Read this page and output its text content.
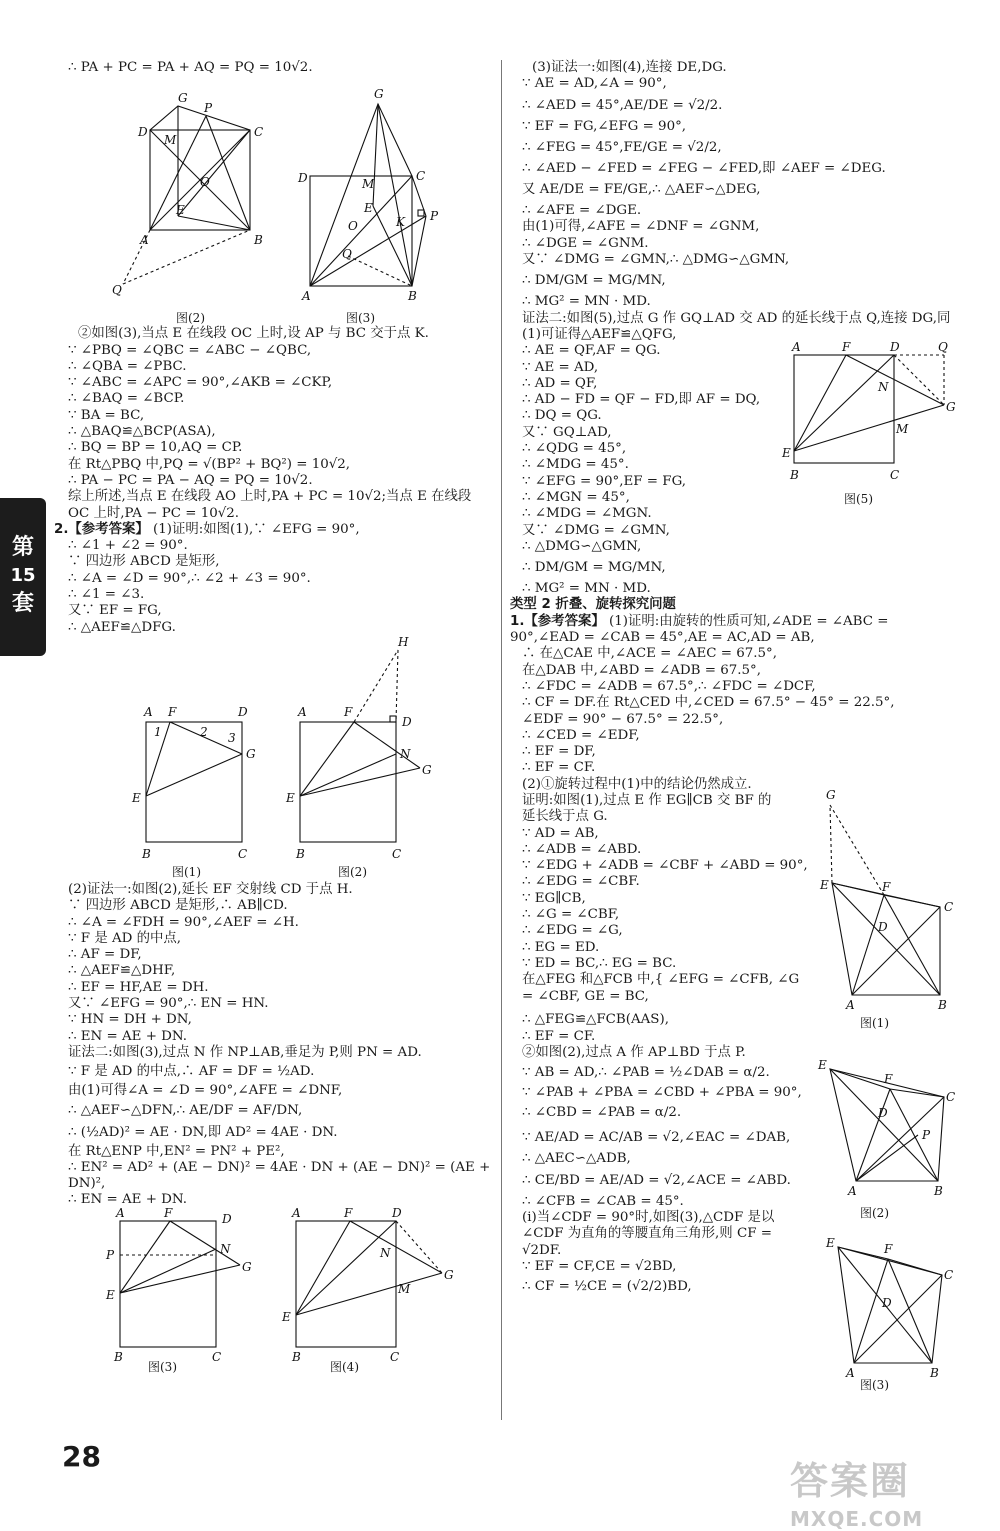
∴ PA + PC = PA + AQ = PQ = 10√2.
G
P
D	C
M
O
E
A	B
Q
G
D	C
M
E
O	K P
Q
A	B
图(2)	图(3)
②如图(3),当点 E 在线段 OC 上时,设 AP 与 BC 交于点 K.
∵ ∠PBQ = ∠QBC = ∠ABC − ∠QBC,
∴ ∠QBA = ∠PBC.
∵ ∠ABC = ∠APC = 90°,∠AKB = ∠CKP,
∴ ∠BAQ = ∠BCP.
∵ BA = BC,
∴ △BAQ≌△BCP(ASA),
∴ BQ = BP = 10,AQ = CP.
在 Rt△PBQ 中,PQ = √(BP² + BQ²) = 10√2,
∴ PA − PC = PA − AQ = PQ = 10√2.
综上所述,当点 E 在线段 AO 上时,PA + PC = 10√2;当点 E 在线段 OC 上时,PA − PC = 10√2.
2.【参考答案】 (1)证明:如图(1),∵ ∠EFG = 90°,
∴ ∠1 + ∠2 = 90°.
∵ 四边形 ABCD 是矩形,
∴ ∠A = ∠D = 90°,∴ ∠2 + ∠3 = 90°.
∴ ∠1 = ∠3.
又∵ EF = FG,
∴ △AEF≌△DFG.
A F	D
1	2 3
G
E
B	C
A	F
D
H
N
G
E
B	C
图(1)	图(2)
(2)证法一:如图(2),延长 EF 交射线 CD 于点 H.
∵ 四边形 ABCD 是矩形,∴ AB∥CD.
∴ ∠A = ∠FDH = 90°,∠AEF = ∠H.
∵ F 是 AD 的中点,
∴ AF = DF,
∴ △AEF≌△DHF,
∴ EF = HF,AE = DH.
又∵ ∠EFG = 90°,∴ EN = HN.
∵ HN = DH + DN,
∴ EN = AE + DN.
证法二:如图(3),过点 N 作 NP⊥AB,垂足为 P,则 PN = AD.
∵ F 是 AD 的中点,∴ AF = DF = ½AD.
由(1)可得∠A = ∠D = 90°,∠AFE = ∠DNF,
∴ △AEF∽△DFN,∴ AE/DF = AF/DN,
∴ (½AD)² = AE · DN,即 AD² = 4AE · DN.
在 Rt△ENP 中,EN² = PN² + PE²,
∴ EN² = AD² + (AE − DN)² = 4AE · DN + (AE − DN)² = (AE + DN)²,
∴ EN = AE + DN.
A	F	D
P	N
G
E
B	C
A	F	D
N
M
G
E
B	C
图(3)	图(4)
(3)证法一:如图(4),连接 DE,DG.
∵ AE = AD,∠A = 90°,
∴ ∠AED = 45°,AE/DE = √2/2.
∵ EF = FG,∠EFG = 90°,
∴ ∠FEG = 45°,FE/GE = √2/2,
∴ ∠AED − ∠FED = ∠FEG − ∠FED,即 ∠AEF = ∠DEG.
又 AE/DE = FE/GE,∴ △AEF∽△DEG,
∴ ∠AFE = ∠DGE.
由(1)可得,∠AFE = ∠DNF = ∠GNM,
∴ ∠DGE = ∠GNM.
又∵ ∠DMG = ∠GMN,∴ △DMG∽△GMN,
∴ DM/GM = MG/MN,
∴ MG² = MN · MD.
证法二:如图(5),过点 G 作 GQ⊥AD 交 AD 的延长线于点 Q,连接 DG,同(1)可证得△AEF≌△QFG,
∴ AE = QF,AF = QG.
∵ AE = AD,
∴ AD = QF,
∴ AD − FD = QF − FD,即 AF = DQ,
∴ DQ = QG.
又∵ GQ⊥AD,
∴ ∠QDG = 45°,
∴ ∠MDG = 45°.
∵ ∠EFG = 90°,EF = FG,
∴ ∠MGN = 45°,
∴ ∠MDG = ∠MGN.
又∵ ∠DMG = ∠GMN,
∴ △DMG∽△GMN,
∴ DM/GM = MG/MN,
∴ MG² = MN · MD.
A	F	D	Q
N
G
M
E
B	C
图(5)
类型 2 折叠、旋转探究问题
1.【参考答案】 (1)证明:由旋转的性质可知,∠ADE = ∠ABC = 90°,∠EAD = ∠CAB = 45°,AE = AC,AD = AB,
∴ 在△CAE 中,∠ACE = ∠AEC = 67.5°,
在△DAB 中,∠ABD = ∠ADB = 67.5°,
∴ ∠FDC = ∠ADB = 67.5°,∴ ∠FDC = ∠DCF,
∴ CF = DF.在 Rt△CED 中,∠CED = 67.5° − 45° = 22.5°,
∠EDF = 90° − 67.5° = 22.5°,
∴ ∠CED = ∠EDF,
∴ EF = DF,
∴ EF = CF.
(2)①旋转过程中(1)中的结论仍然成立.
证明:如图(1),过点 E 作 EG∥CB 交 BF 的
延长线于点 G.
∵ AD = AB,
∴ ∠ADB = ∠ABD.
∵ ∠EDG + ∠ADB = ∠CBF + ∠ABD = 90°,
∴ ∠EDG = ∠CBF.
∵ EG∥CB,
∴ ∠G = ∠CBF,
∴ ∠EDG = ∠G,
∴ EG = ED.
∵ ED = BC,∴ EG = BC.
在△FEG 和△FCB 中,{ ∠EFG = ∠CFB, ∠G = ∠CBF, GE = BC,
∴ △FEG≌△FCB(AAS),
∴ EF = CF.
②如图(2),过点 A 作 AP⊥BD 于点 P.
∵ AB = AD,∴ ∠PAB = ½∠DAB = α/2.
∵ ∠PAB + ∠PBA = ∠CBD + ∠PBA = 90°,
∴ ∠CBD = ∠PAB = α/2.
∵ AE/AD = AC/AB = √2,∠EAC = ∠DAB,
∴ △AEC∽△ADB,
∴ CE/BD = AE/AD = √2,∠ACE = ∠ABD.
∴ ∠CFB = ∠CAB = 45°.
(i)当∠CDF = 90°时,如图(3),△CDF 是以
∠CDF 为直角的等腰直角三角形,则 CF =
√2DF.
∵ EF = CF,CE = √2BD,
∴ CF = ½CE = (√2/2)BD,
G
E	F
D
C
A	B
图(1)
E
F
C
D
P
A	B
图(2)
E	F
C
D
A	B
图(3)
第
15
套
28
答案圈
MXQE.COM
